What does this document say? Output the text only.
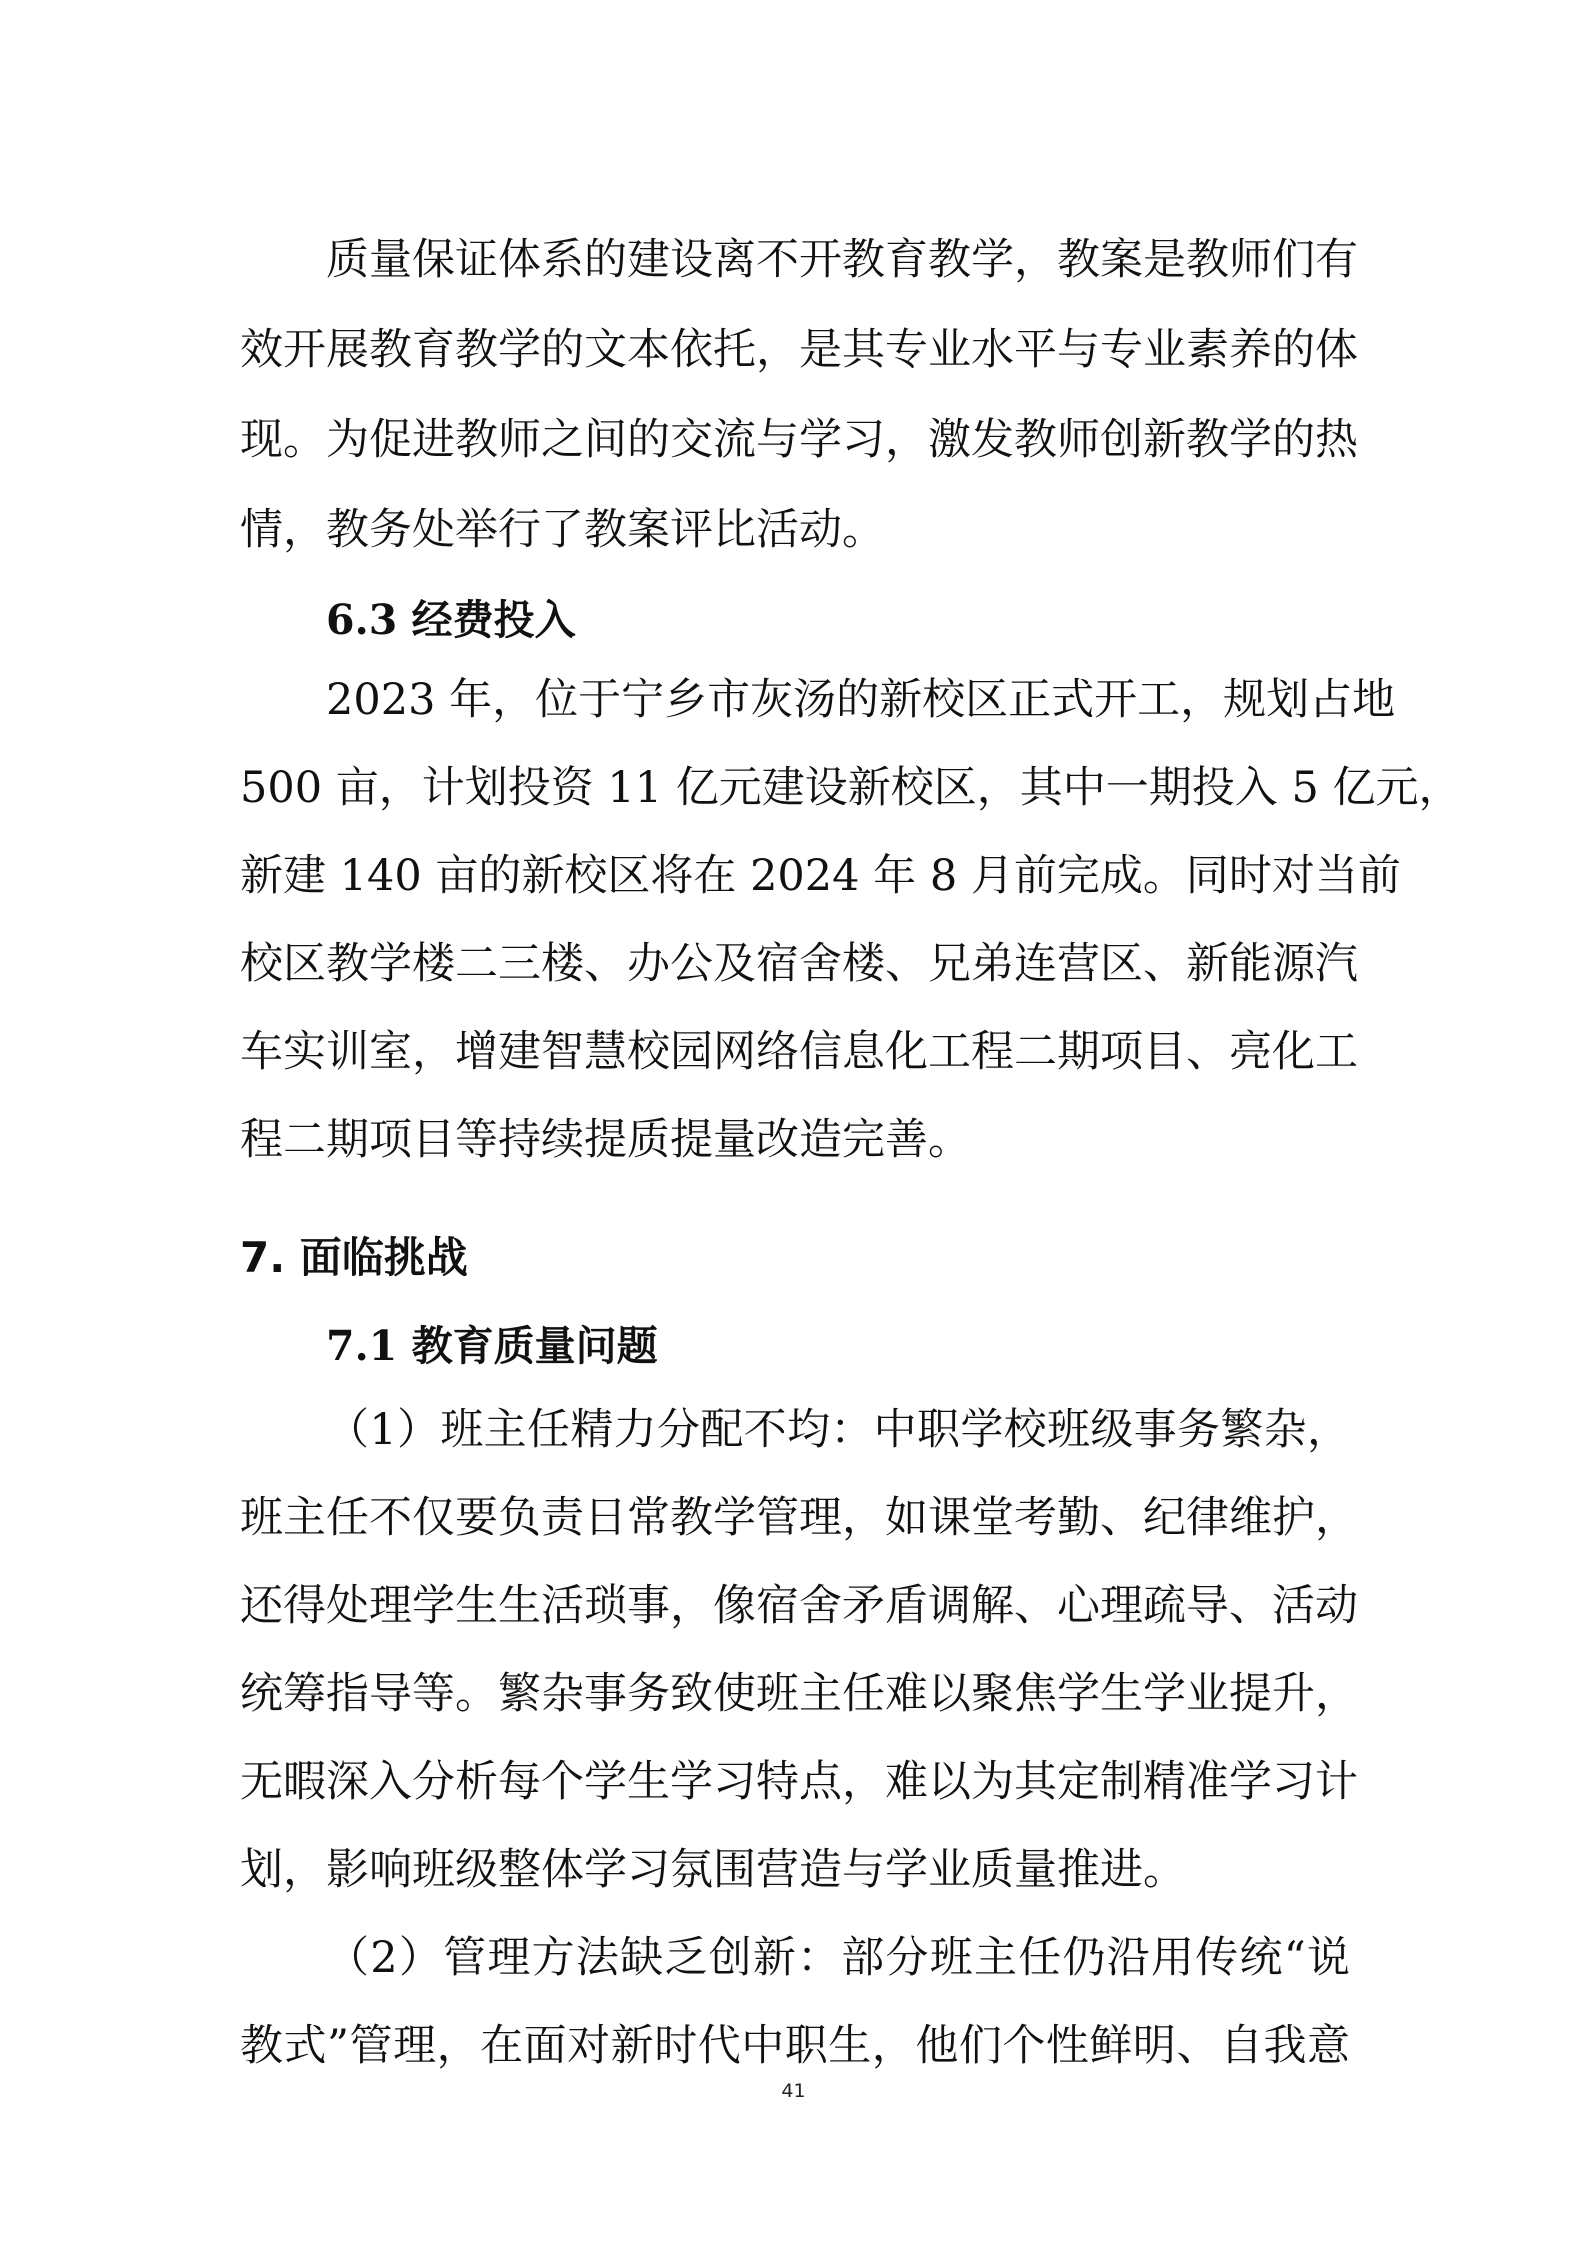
质量保证体系的建设离不开教育教学，教案是教师们有
效开展教育教学的文本依托，是其专业水平与专业素养的体
现。为促进教师之间的交流与学习，激发教师创新教学的热
情，教务处举行了教案评比活动。
6.3 经费投入
2023 年，位于宁乡市灰汤的新校区正式开工，规划占地
500 亩，计划投资 11 亿元建设新校区，其中一期投入 5 亿元，
新建 140 亩的新校区将在 2024 年 8 月前完成。同时对当前
校区教学楼二三楼、办公及宿舍楼、兄弟连营区、新能源汽
车实训室，增建智慧校园网络信息化工程二期项目、亮化工
程二期项目等持续提质提量改造完善。
7. 面临挑战
7.1 教育质量问题
（1）班主任精力分配不均：中职学校班级事务繁杂，
班主任不仅要负责日常教学管理，如课堂考勤、纪律维护，
还得处理学生生活琐事，像宿舍矛盾调解、心理疏导、活动
统筹指导等。繁杂事务致使班主任难以聚焦学生学业提升，
无暇深入分析每个学生学习特点，难以为其定制精准学习计
划，影响班级整体学习氛围营造与学业质量推进。
（2）管理方法缺乏创新：部分班主任仍沿用传统“说
教式”管理，在面对新时代中职生，他们个性鲜明、自我意
41
